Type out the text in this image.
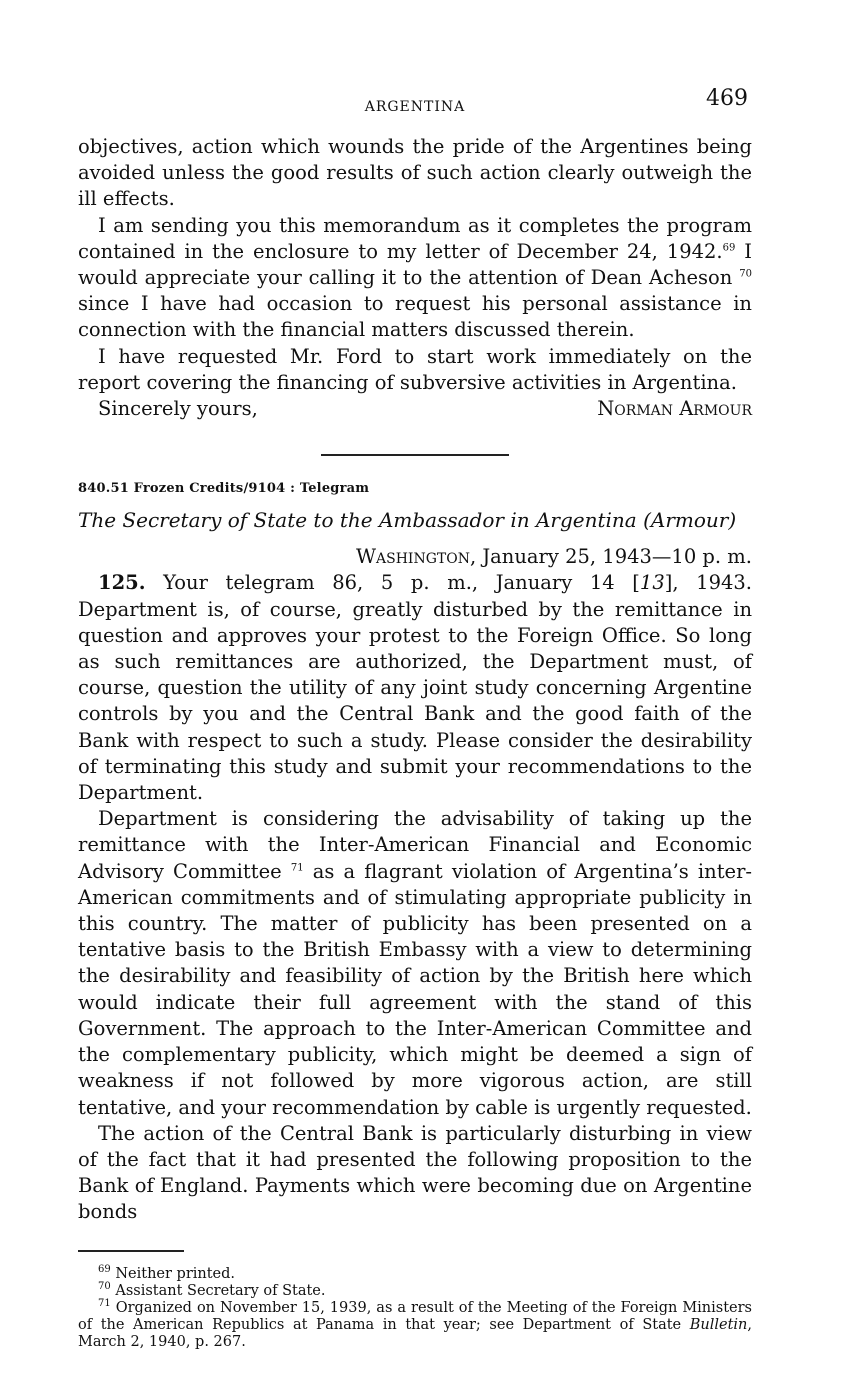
ARGENTINA	469

objectives, action which wounds the pride of the Argentines being avoided unless the good results of such action clearly outweigh the ill effects.

I am sending you this memorandum as it completes the program contained in the enclosure to my letter of December 24, 1942.69 I would appreciate your calling it to the attention of Dean Acheson $^{70}$ since I have had occasion to request his personal assistance in connection with the financial matters discussed therein.

I have requested Mr. Ford to start work immediately on the report covering the financing of subversive activities in Argentina.

Sincerely yours,	Norman Armour
840.51 Frozen Credits/9104 : Telegram
The Secretary of State to the Ambassador in Argentina (Armour)
Washington, January 25, 1943—10 p. m.

125. Your telegram 86, 5 p. m., January 14 [13], 1943. Department is, of course, greatly disturbed by the remittance in question and approves your protest to the Foreign Office. So long as such remittances are authorized, the Department must, of course, question the utility of any joint study concerning Argentine controls by you and the Central Bank and the good faith of the Bank with respect to such a study. Please consider the desirability of terminating this study and submit your recommendations to the Department.

Department is considering the advisability of taking up the remittance with the Inter-American Financial and Economic Advisory Committee $^{71}$ as a flagrant violation of Argentina’s inter-American commitments and of stimulating appropriate publicity in this country. The matter of publicity has been presented on a tentative basis to the British Embassy with a view to determining the desirability and feasibility of action by the British here which would indicate their full agreement with the stand of this Government. The approach to the Inter-American Committee and the complementary publicity, which might be deemed a sign of weakness if not followed by more vigorous action, are still tentative, and your recommendation by cable is urgently requested.

The action of the Central Bank is particularly disturbing in view of the fact that it had presented the following proposition to the Bank of England. Payments which were becoming due on Argentine bonds

$^{69}$ Neither printed.
$^{70}$ Assistant Secretary of State.
$^{71}$ Organized on November 15, 1939, as a result of the Meeting of the Foreign Ministers of the American Republics at Panama in that year; see Department of State Bulletin, March 2, 1940, p. 267.
